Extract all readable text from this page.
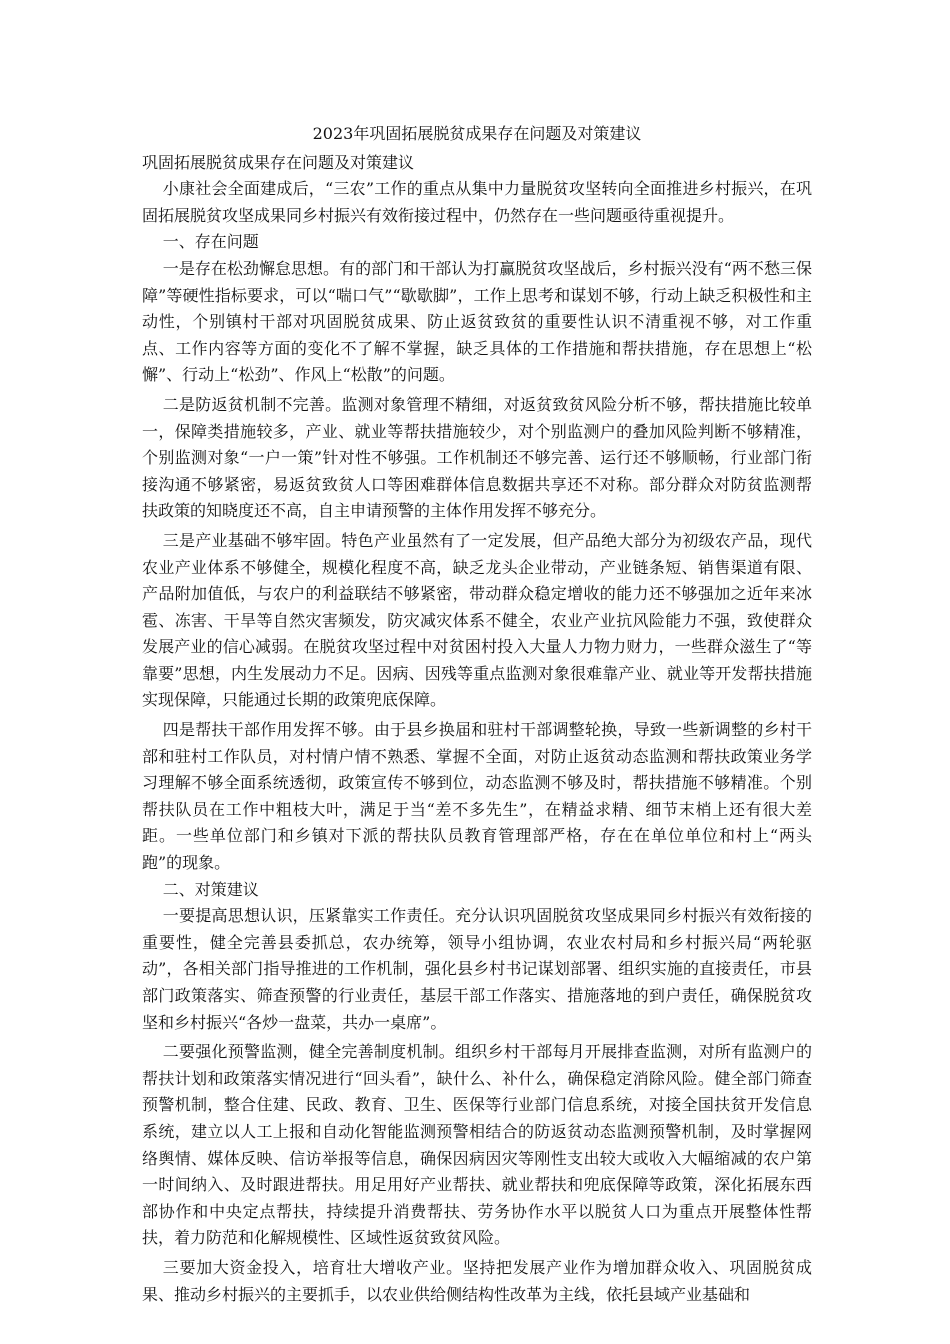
2023年巩固拓展脱贫成果存在问题及对策建议

巩固拓展脱贫成果存在问题及对策建议

小康社会全面建成后，“三农”工作的重点从集中力量脱贫攻坚转向全面推进乡村振兴，在巩固拓展脱贫攻坚成果同乡村振兴有效衔接过程中，仍然存在一些问题亟待重视提升。

一、存在问题

一是存在松劲懈怠思想。有的部门和干部认为打赢脱贫攻坚战后，乡村振兴没有“两不愁三保障”等硬性指标要求，可以“喘口气”“歇歇脚”，工作上思考和谋划不够，行动上缺乏积极性和主动性，个别镇村干部对巩固脱贫成果、防止返贫致贫的重要性认识不清重视不够，对工作重点、工作内容等方面的变化不了解不掌握，缺乏具体的工作措施和帮扶措施，存在思想上“松懈”、行动上“松劲”、作风上“松散”的问题。

二是防返贫机制不完善。监测对象管理不精细，对返贫致贫风险分析不够，帮扶措施比较单一，保障类措施较多，产业、就业等帮扶措施较少，对个别监测户的叠加风险判断不够精准，个别监测对象“一户一策”针对性不够强。工作机制还不够完善、运行还不够顺畅，行业部门衔接沟通不够紧密，易返贫致贫人口等困难群体信息数据共享还不对称。部分群众对防贫监测帮扶政策的知晓度还不高，自主申请预警的主体作用发挥不够充分。

三是产业基础不够牢固。特色产业虽然有了一定发展，但产品绝大部分为初级农产品，现代农业产业体系不够健全，规模化程度不高，缺乏龙头企业带动，产业链条短、销售渠道有限、产品附加值低，与农户的利益联结不够紧密，带动群众稳定增收的能力还不够强加之近年来冰雹、冻害、干旱等自然灾害频发，防灾减灾体系不健全，农业产业抗风险能力不强，致使群众发展产业的信心减弱。在脱贫攻坚过程中对贫困村投入大量人力物力财力，一些群众滋生了“等靠要”思想，内生发展动力不足。因病、因残等重点监测对象很难靠产业、就业等开发帮扶措施实现保障，只能通过长期的政策兜底保障。

四是帮扶干部作用发挥不够。由于县乡换届和驻村干部调整轮换，导致一些新调整的乡村干部和驻村工作队员，对村情户情不熟悉、掌握不全面，对防止返贫动态监测和帮扶政策业务学习理解不够全面系统透彻，政策宣传不够到位，动态监测不够及时，帮扶措施不够精准。个别帮扶队员在工作中粗枝大叶，满足于当“差不多先生”，在精益求精、细节末梢上还有很大差距。一些单位部门和乡镇对下派的帮扶队员教育管理部严格，存在在单位单位和村上“两头跑”的现象。

二、对策建议

一要提高思想认识，压紧靠实工作责任。充分认识巩固脱贫攻坚成果同乡村振兴有效衔接的重要性，健全完善县委抓总，农办统筹，领导小组协调，农业农村局和乡村振兴局“两轮驱动”，各相关部门指导推进的工作机制，强化县乡村书记谋划部署、组织实施的直接责任，市县部门政策落实、筛查预警的行业责任，基层干部工作落实、措施落地的到户责任，确保脱贫攻坚和乡村振兴“各炒一盘菜，共办一桌席”。

二要强化预警监测，健全完善制度机制。组织乡村干部每月开展排查监测，对所有监测户的帮扶计划和政策落实情况进行“回头看”，缺什么、补什么，确保稳定消除风险。健全部门筛查预警机制，整合住建、民政、教育、卫生、医保等行业部门信息系统，对接全国扶贫开发信息系统，建立以人工上报和自动化智能监测预警相结合的防返贫动态监测预警机制，及时掌握网络舆情、媒体反映、信访举报等信息，确保因病因灾等刚性支出较大或收入大幅缩减的农户第一时间纳入、及时跟进帮扶。用足用好产业帮扶、就业帮扶和兜底保障等政策，深化拓展东西部协作和中央定点帮扶，持续提升消费帮扶、劳务协作水平以脱贫人口为重点开展整体性帮扶，着力防范和化解规模性、区域性返贫致贫风险。

三要加大资金投入，培育壮大增收产业。坚持把发展产业作为增加群众收入、巩固脱贫成果、推动乡村振兴的主要抓手，以农业供给侧结构性改革为主线，依托县域产业基础和
